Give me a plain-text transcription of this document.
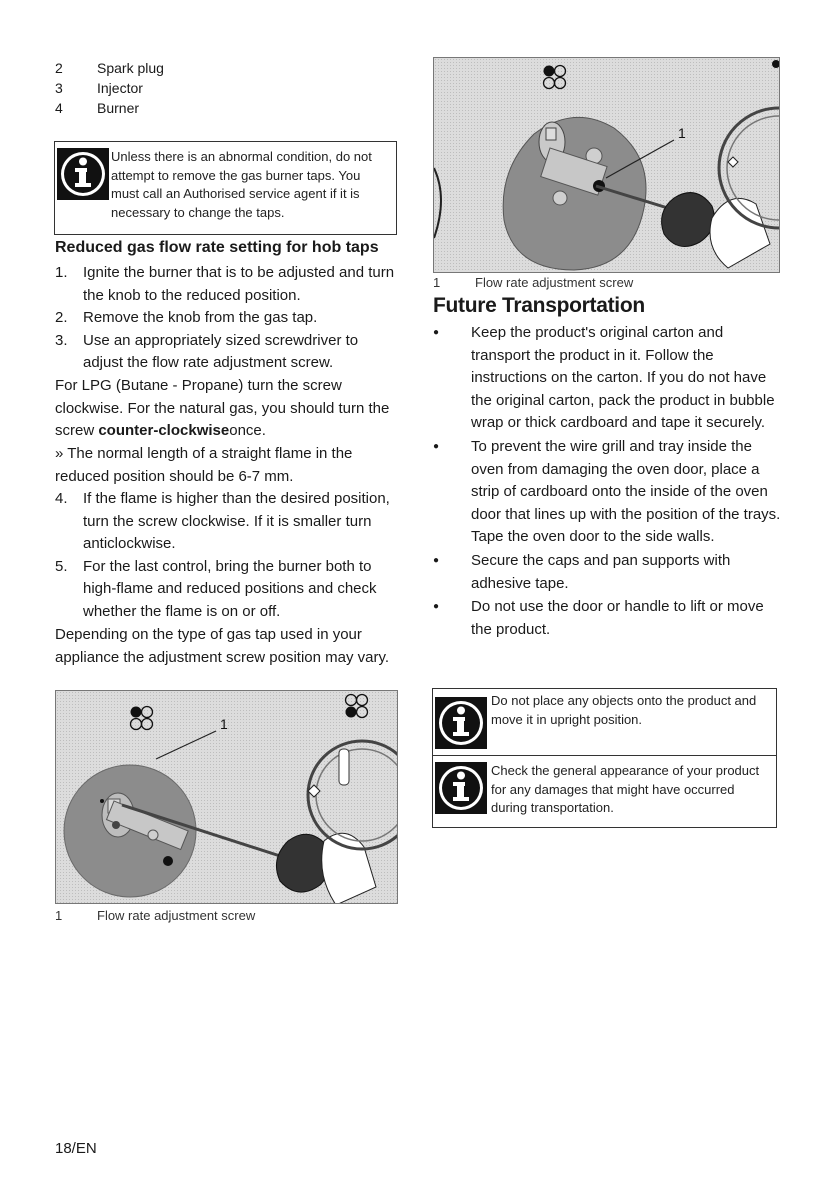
2 Spark plug
3 Injector
4 Burner
Unless there is an abnormal condition, do not attempt to remove the gas burner taps. You must call an Authorised service agent if it is necessary to change the taps.
Reduced gas flow rate setting for hob taps
1. Ignite the burner that is to be adjusted and turn the knob to the reduced position.
2. Remove the knob from the gas tap.
3. Use an appropriately sized screwdriver to adjust the flow rate adjustment screw.

For LPG (Butane - Propane) turn the screw clockwise. For the natural gas, you should turn the screw counter-clockwiseonce.

» The normal length of a straight flame in the reduced position should be 6-7 mm.

4. If the flame is higher than the desired position, turn the screw clockwise. If it is smaller turn anticlockwise.
5. For the last control, bring the burner both to high-flame and reduced positions and check whether the flame is on or off.

Depending on the type of gas tap used in your appliance the adjustment screw position may vary.

1
1	Flow rate adjustment screw
1
1	Flow rate adjustment screw
Future Transportation
● Keep the product's original carton and transport the product in it. Follow the instructions on the carton. If you do not have the original carton, pack the product in bubble wrap or thick cardboard and tape it securely.
● To prevent the wire grill and tray inside the oven from damaging the oven door, place a strip of cardboard onto the inside of the oven door that lines up with the position of the trays. Tape the oven door to the side walls.
● Secure the caps and pan supports with adhesive tape.
● Do not use the door or handle to lift or move the product.
Do not place any objects onto the product and move it in upright position.
Check the general appearance of your product for any damages that might have occurred during transportation.
18/EN
